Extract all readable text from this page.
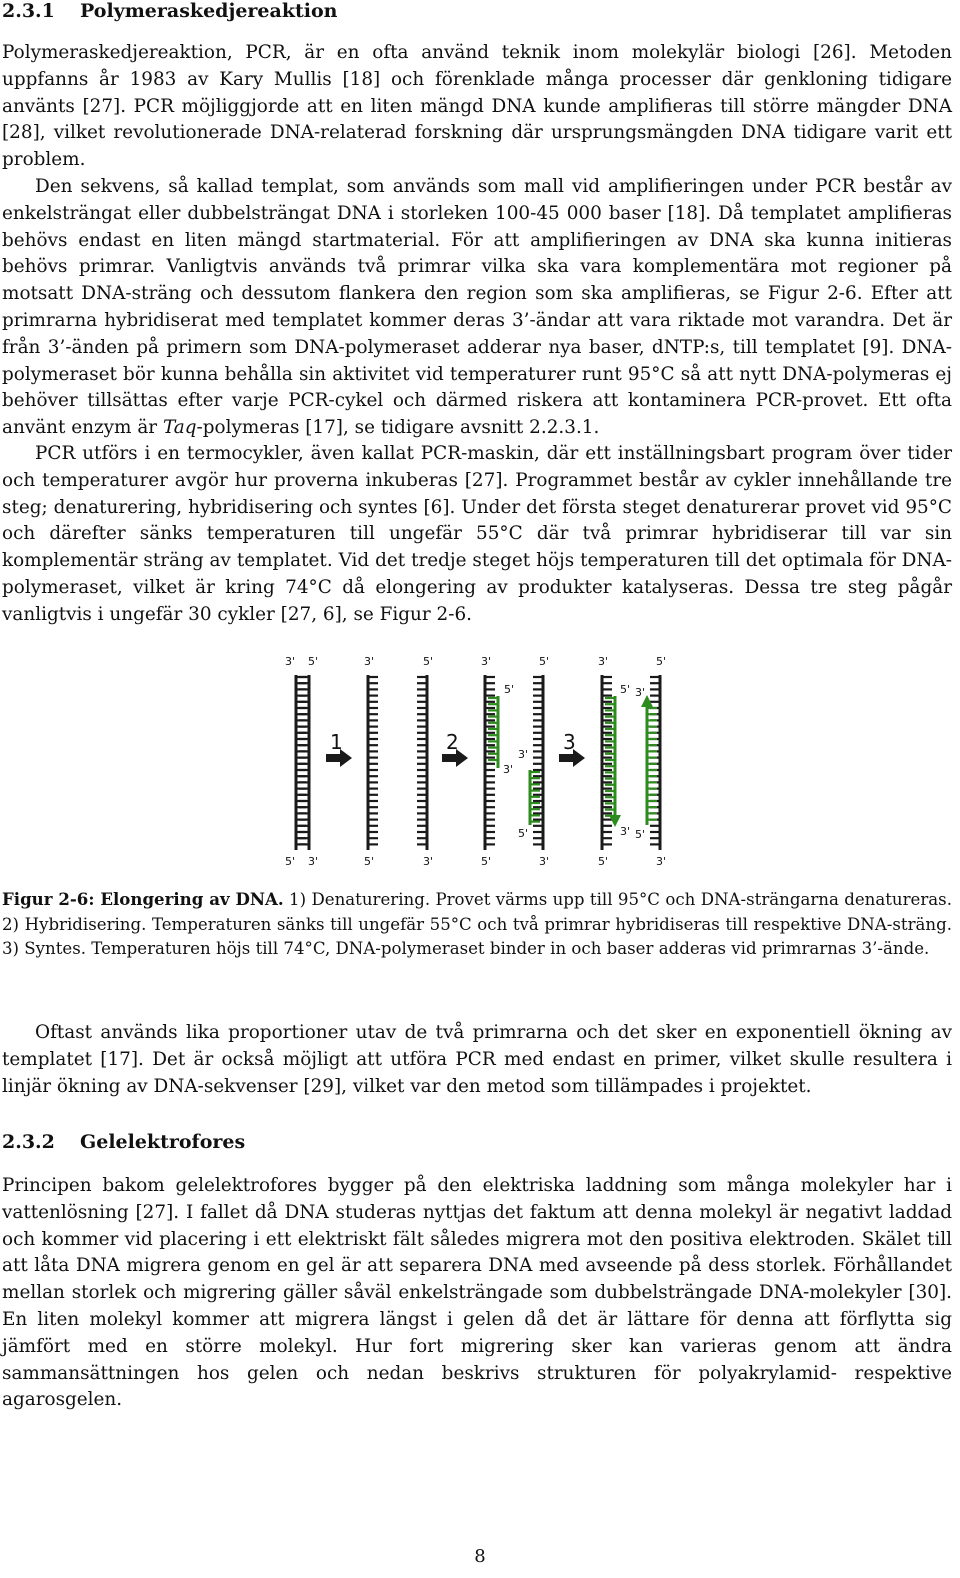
2.3.1 Polymeraskedjereaktion

Polymeraskedjereaktion, PCR, är en ofta använd teknik inom molekylär biologi [26]. Metoden uppfanns år 1983 av Kary Mullis [18] och förenklade många processer där genkloning tidigare använts [27]. PCR möjliggjorde att en liten mängd DNA kunde amplifieras till större mängder DNA [28], vilket revolutionerade DNA-relaterad forskning där ursprungsmängden DNA tidigare varit ett problem.

Den sekvens, så kallad templat, som används som mall vid amplifieringen under PCR består av enkelsträngat eller dubbelsträngat DNA i storleken 100-45 000 baser [18]. Då templatet amplifieras behövs endast en liten mängd startmaterial. För att amplifieringen av DNA ska kunna initieras behövs primrar. Vanligtvis används två primrar vilka ska vara komplementära mot regioner på motsatt DNA-sträng och dessutom flankera den region som ska amplifieras, se Figur 2-6. Efter att primrarna hybridiserat med templatet kommer deras 3’-ändar att vara riktade mot varandra. Det är från 3’-änden på primern som DNA-polymeraset adderar nya baser, dNTP:s, till templatet [9]. DNA-polymeraset bör kunna behålla sin aktivitet vid temperaturer runt 95°C så att nytt DNA-polymeras ej behöver tillsättas efter varje PCR-cykel och därmed riskera att kontaminera PCR-provet. Ett ofta använt enzym är Taq-polymeras [17], se tidigare avsnitt 2.2.3.1.

PCR utförs i en termocykler, även kallat PCR-maskin, där ett inställningsbart program över tider och temperaturer avgör hur proverna inkuberas [27]. Programmet består av cykler innehållande tre steg; denaturering, hybridisering och syntes [6]. Under det första steget denaturerar provet vid 95°C och därefter sänks temperaturen till ungefär 55°C där två primrar hybridiserar till var sin komplementär sträng av templatet. Vid det tredje steget höjs temperaturen till det optimala för DNA-polymeraset, vilket är kring 74°C då elongering av produkter katalyseras. Dessa tre steg pågår vanligtvis i ungefär 30 cykler [27, 6], se Figur 2-6.

3' 5'
5' 3'
1
3'	5'
5'	3'
2
3'	5'
5'	3'
5'
3'
3'
5'
3
3'	5'
5'	3'
5' 3'
3' 5'

Figur 2-6: Elongering av DNA. 1) Denaturering. Provet värms upp till 95°C och DNA-strängarna denatureras. 2) Hybridisering. Temperaturen sänks till ungefär 55°C och två primrar hybridiseras till respektive DNA-sträng. 3) Syntes. Temperaturen höjs till 74°C, DNA-polymeraset binder in och baser adderas vid primrarnas 3’-ände.

Oftast används lika proportioner utav de två primrarna och det sker en exponentiell ökning av templatet [17]. Det är också möjligt att utföra PCR med endast en primer, vilket skulle resultera i linjär ökning av DNA-sekvenser [29], vilket var den metod som tillämpades i projektet.

2.3.2 Gelelektrofores

Principen bakom gelelektrofores bygger på den elektriska laddning som många molekyler har i vattenlösning [27]. I fallet då DNA studeras nyttjas det faktum att denna molekyl är negativt laddad och kommer vid placering i ett elektriskt fält således migrera mot den positiva elektroden. Skälet till att låta DNA migrera genom en gel är att separera DNA med avseende på dess storlek. Förhållandet mellan storlek och migrering gäller såväl enkelsträngade som dubbelsträngade DNA-molekyler [30]. En liten molekyl kommer att migrera längst i gelen då det är lättare för denna att förflytta sig jämfört med en större molekyl. Hur fort migrering sker kan varieras genom att ändra sammansättningen hos gelen och nedan beskrivs strukturen för polyakrylamid- respektive agarosgelen.

8
